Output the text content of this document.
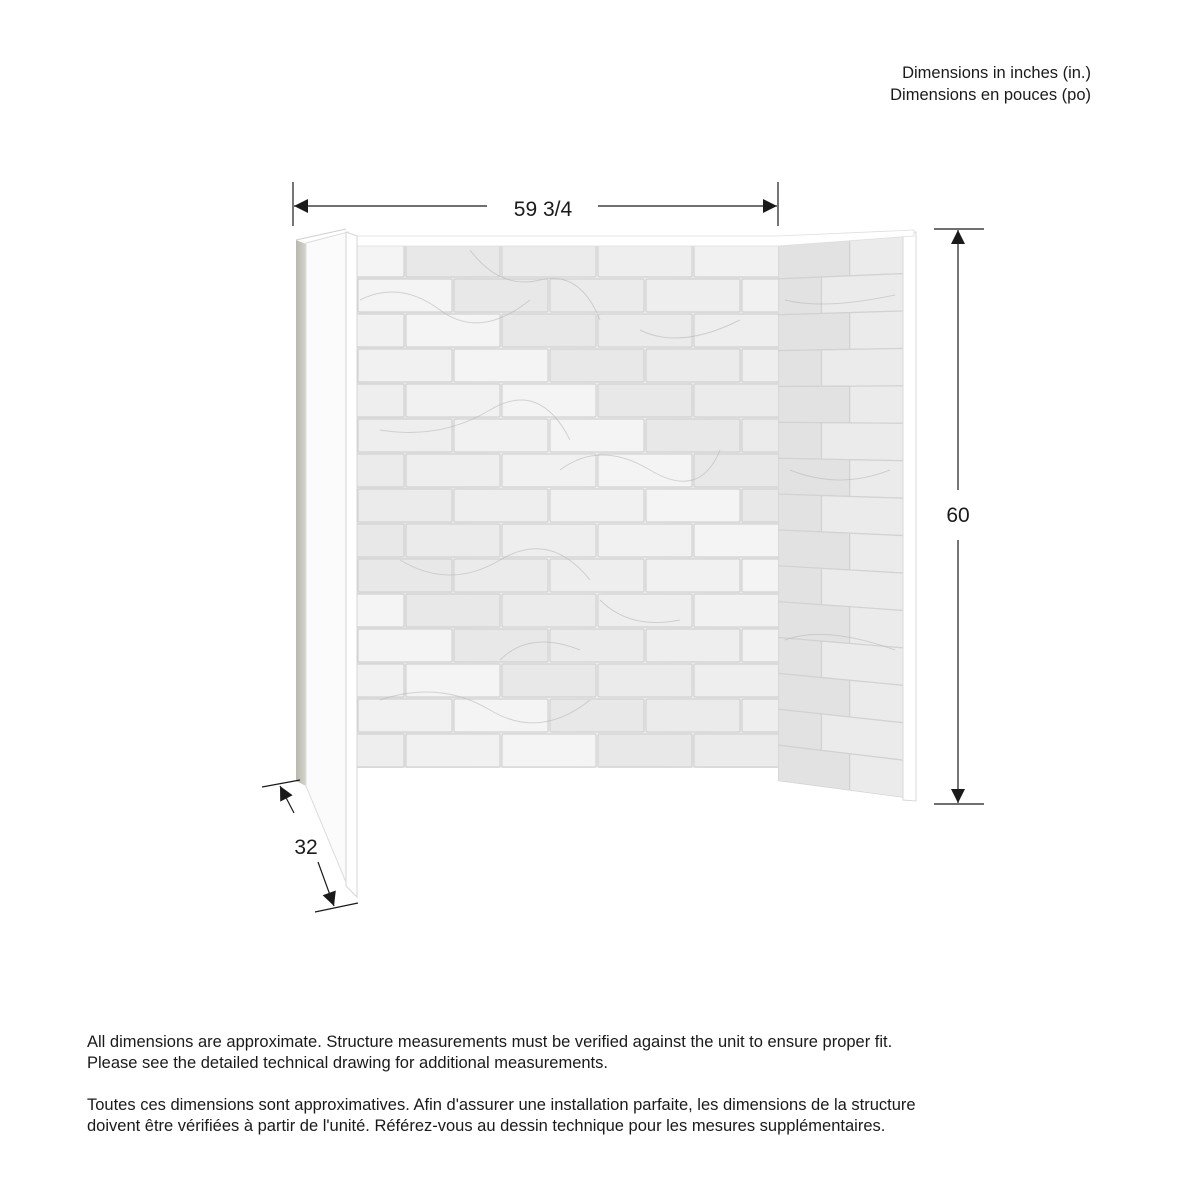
Dimensions in inches (in.)
Dimensions en pouces (po)
59 3/4
60
32

All dimensions are approximate. Structure measurements must be verified against the unit to ensure proper fit.
Please see the detailed technical drawing for additional measurements.

Toutes ces dimensions sont approximatives. Afin d'assurer une installation parfaite, les dimensions de la structure
doivent être vérifiées à partir de l'unité. Référez-vous au dessin technique pour les mesures supplémentaires.
